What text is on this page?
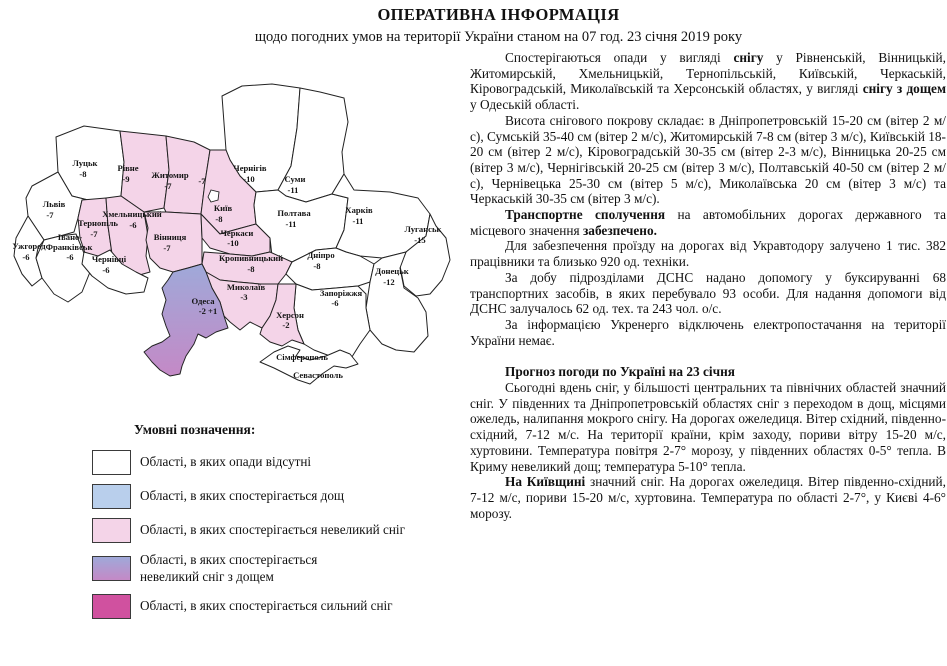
ОПЕРАТИВНА ІНФОРМАЦІЯ
щодо погодних умов на території України станом на 07 год. 23 січня 2019 року
Луцьк
-8
Рівне
-9	Житомир
-7
Чернігів
-10	Суми
-11
Київ
-8
-7
Львів
-7
Тернопіль
-7
Хмельницький
-6
Вінниця
-7
Ужгород
-6
Івано-
Франківськ
-6 Чернівці
-6
Черкаси
-10
Полтава
-11
Харків
-11
Луганськ
-15
Кропивницький
-8
Дніпро
-8	Донецьк
-12
Запоріжжя
-6
Миколаїв
-3
Херсон
-2
Одеса
-2 +1
Сімферополь
Севастополь
Умовні позначення:
Області, в яких опади відсутні
Області, в яких спостерігається дощ
Області, в яких спостерігається невеликий сніг
Області, в яких спостерігається невеликий сніг з дощем
Області, в яких спостерігається сильний сніг

Спостерігаються опади у вигляді снігу у Рівненській, Вінницькій, Житомирській, Хмельницькій, Тернопільській, Київській, Черкаській, Кіровоградській, Миколаївській та Херсонській областях, у вигляді снігу з дощем у Одеській області.

Висота снігового покрову складає: в Дніпропетровській 15-20 см (вітер 2 м/с), Сумській 35-40 см (вітер 2 м/с), Житомирській 7-8 см (вітер 3 м/с), Київській 18-20 см (вітер 2 м/с), Кіровоградській 30-35 см (вітер 2-3 м/с), Вінницька 20-25 см (вітер 3 м/с), Чернігівській 20-25 см (вітер 3 м/с), Полтавській 40-50 см (вітер 2 м/с), Чернівецька 25-30 см (вітер 5 м/с), Миколаївська 20 см (вітер 3 м/с) та Черкаській 30-35 см (вітер 3 м/с).

Транспортне сполучення на автомобільних дорогах державного та місцевого значення забезпечено.

Для забезпечення проїзду на дорогах від Укравтодору залучено 1 тис. 382 працівники та близько 920 од. техніки.

За добу підрозділами ДСНС надано допомогу у буксируванні 68 транспортних засобів, в яких перебувало 93 особи. Для надання допомоги від ДСНС залучалось 62 од. тех. та 243 чол. о/с.

За інформацією Укренерго відключень електропостачання на території України немає.

Прогноз погоди по Україні на 23 січня

Сьогодні вдень сніг, у більшості центральних та північних областей значний сніг. У південних та Дніпропетровській областях сніг з переходом в дощ, місцями ожеледь, налипання мокрого снігу. На дорогах ожеледиця. Вітер східний, південно-східний, 7-12 м/с. На території країни, крім заходу, пориви вітру 15-20 м/с, хуртовини. Температура повітря 2-7° морозу, у південних областях 0-5° тепла. В Криму невеликий дощ; температура 5-10° тепла.

На Київщині значний сніг. На дорогах ожеледиця. Вітер південно-східний, 7-12 м/с, пориви 15-20 м/с, хуртовина. Температура по області 2-7°, у Києві 4-6° морозу.
